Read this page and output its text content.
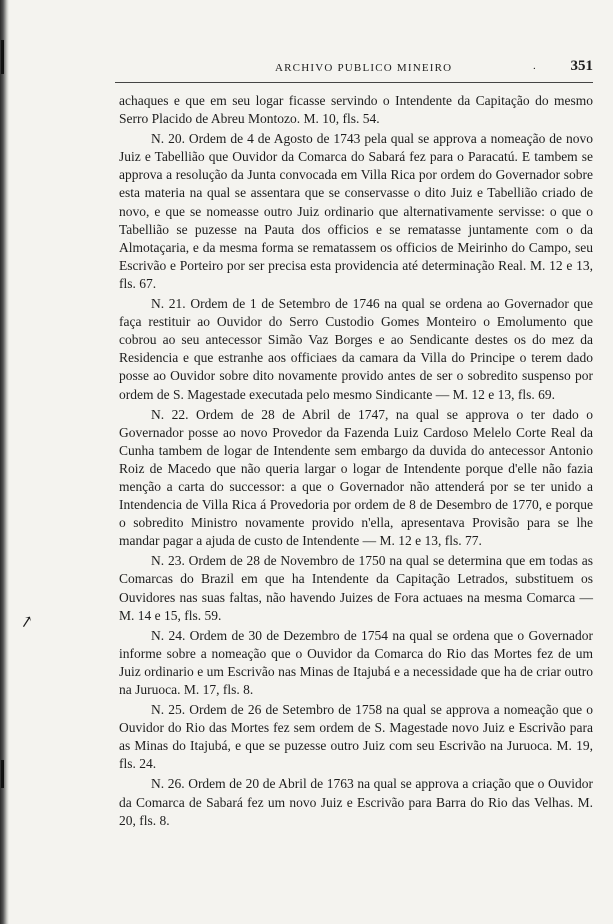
ARCHIVO PUBLICO MINEIRO	. 351
↗

achaques e que em seu logar ficasse servindo o Intendente da Capitação do mesmo Serro Placido de Abreu Montozo. M. 10, fls. 54.

N. 20. Ordem de 4 de Agosto de 1743 pela qual se approva a nomeação de novo Juiz e Tabellião que Ouvidor da Comarca do Sabará fez para o Paracatú. E tambem se approva a resolução da Junta convocada em Villa Rica por ordem do Governador sobre esta materia na qual se assentara que se conservasse o dito Juiz e Tabellião criado de novo, e que se nomeasse outro Juiz ordinario que alternativamente servisse: o que o Tabellião se puzesse na Pauta dos officios e se rematasse juntamente com o da Almotaçaria, e da mesma forma se rematassem os officios de Meirinho do Campo, seu Escrivão e Porteiro por ser precisa esta providencia até determinação Real. M. 12 e 13, fls. 67.

N. 21. Ordem de 1 de Setembro de 1746 na qual se ordena ao Governador que faça restituir ao Ouvidor do Serro Custodio Gomes Monteiro o Emolumento que cobrou ao seu antecessor Simão Vaz Borges e ao Sendicante destes os do mez da Residencia e que estranhe aos officiaes da camara da Villa do Principe o terem dado posse ao Ouvidor sobre dito novamente provido antes de ser o sobredito suspenso por ordem de S. Magestade executada pelo mesmo Sindicante — M. 12 e 13, fls. 69.

N. 22. Ordem de 28 de Abril de 1747, na qual se approva o ter dado o Governador posse ao novo Provedor da Fazenda Luiz Cardoso Melelo Corte Real da Cunha tambem de logar de Intendente sem embargo da duvida do antecessor Antonio Roiz de Macedo que não queria largar o logar de Intendente porque d'elle não fazia menção a carta do successor: a que o Governador não attenderá por se ter unido a Intendencia de Villa Rica á Provedoria por ordem de 8 de Desembro de 1770, e porque o sobredito Ministro novamente provido n'ella, apresentava Provisão para se lhe mandar pagar a ajuda de custo de Intendente — M. 12 e 13, fls. 77.

N. 23. Ordem de 28 de Novembro de 1750 na qual se determina que em todas as Comarcas do Brazil em que ha Intendente da Capitação Letrados, substituem os Ouvidores nas suas faltas, não havendo Juizes de Fora actuaes na mesma Comarca — M. 14 e 15, fls. 59.

N. 24. Ordem de 30 de Dezembro de 1754 na qual se ordena que o Governador informe sobre a nomeação que o Ouvidor da Comarca do Rio das Mortes fez de um Juiz ordinario e um Escrivão nas Minas de Itajubá e a necessidade que ha de criar outro na Juruoca. M. 17, fls. 8.

N. 25. Ordem de 26 de Setembro de 1758 na qual se approva a nomeação que o Ouvidor do Rio das Mortes fez sem ordem de S. Magestade novo Juiz e Escrivão para as Minas do Itajubá, e que se puzesse outro Juiz com seu Escrivão na Juruoca. M. 19, fls. 24.

N. 26. Ordem de 20 de Abril de 1763 na qual se approva a criação que o Ouvidor da Comarca de Sabará fez um novo Juiz e Escrivão para Barra do Rio das Velhas. M. 20, fls. 8.
